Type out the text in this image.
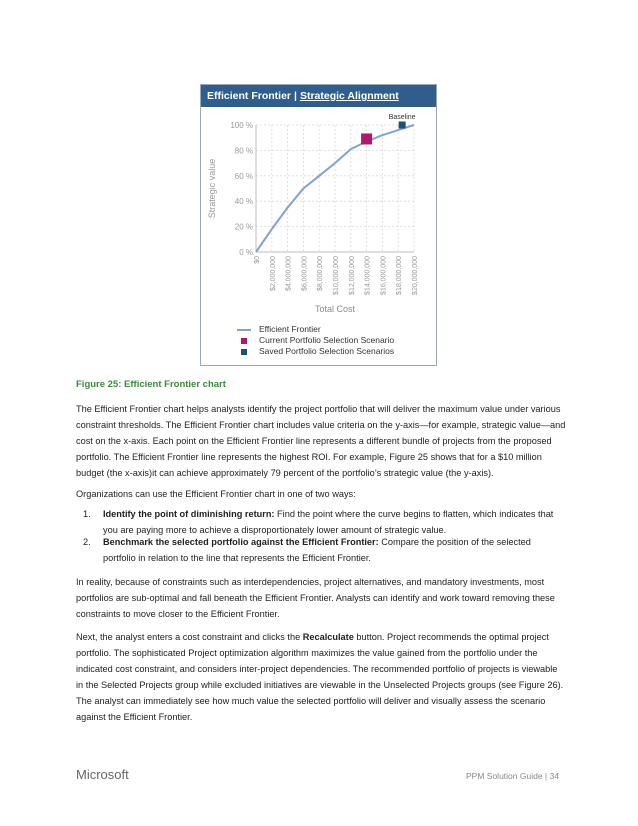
Efficient Frontier | Strategic Alignment
0 %
20 %
40 %
60 %
80 %
100 %
$0 $2,000,000 $4,000,000 $6,000,000 $8,000,000 $10,000,000 $12,000,000 $14,000,000 $16,000,000 $18,000,000 $20,000,000
Strategic value
Total Cost
Baseline
Efficient Frontier
Current Portfolio Selection Scenario
Saved Portfolio Selection Scenarios
Figure 25: Efficient Frontier chart

The Efficient Frontier chart helps analysts identify the project portfolio that will deliver the maximum value under various constraint thresholds. The Efficient Frontier chart includes value criteria on the y-axis—for example, strategic value—and cost on the x-axis. Each point on the Efficient Frontier line represents a different bundle of projects from the proposed portfolio. The Efficient Frontier line represents the highest ROI. For example, Figure 25 shows that for a $10 million budget (the x-axis)it can achieve approximately 79 percent of the portfolio’s strategic value (the y-axis).

Organizations can use the Efficient Frontier chart in one of two ways:

1. Identify the point of diminishing return: Find the point where the curve begins to flatten, which indicates that you are paying more to achieve a disproportionately lower amount of strategic value.
2. Benchmark the selected portfolio against the Efficient Frontier: Compare the position of the selected portfolio in relation to the line that represents the Efficient Frontier.

In reality, because of constraints such as interdependencies, project alternatives, and mandatory investments, most portfolios are sub-optimal and fall beneath the Efficient Frontier. Analysts can identify and work toward removing these constraints to move closer to the Efficient Frontier.

Next, the analyst enters a cost constraint and clicks the Recalculate button. Project recommends the optimal project portfolio. The sophisticated Project optimization algorithm maximizes the value gained from the portfolio under the indicated cost constraint, and considers inter-project dependencies. The recommended portfolio of projects is viewable in the Selected Projects group while excluded initiatives are viewable in the Unselected Projects groups (see Figure 26). The analyst can immediately see how much value the selected portfolio will deliver and visually assess the scenario against the Efficient Frontier.

Microsoft	PPM Solution Guide | 34
